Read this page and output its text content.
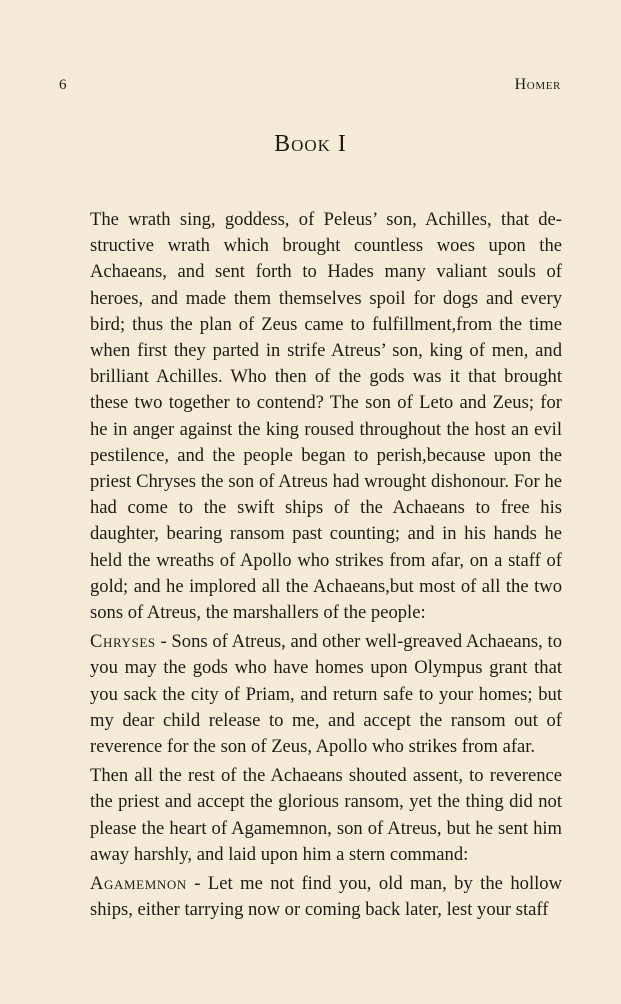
6	Homer
Book I

The wrath sing, goddess, of Peleus’ son, Achilles, that destructive wrath which brought countless woes upon the Achaeans, and sent forth to Hades many valiant souls of heroes, and made them themselves spoil for dogs and every bird; thus the plan of Zeus came to fulfillment,from the time when first they parted in strife Atreus’ son, king of men, and brilliant Achilles. Who then of the gods was it that brought these two together to contend? The son of Leto and Zeus; for he in anger against the king roused throughout the host an evil pestilence, and the people began to perish,because upon the priest Chryses the son of Atreus had wrought dishonour. For he had come to the swift ships of the Achaeans to free his daughter, bearing ransom past counting; and in his hands he held the wreaths of Apollo who strikes from afar, on a staff of gold; and he implored all the Achaeans,but most of all the two sons of Atreus, the marshallers of the people:

Chryses - Sons of Atreus, and other well-greaved Achaeans, to you may the gods who have homes upon Olympus grant that you sack the city of Priam, and return safe to your homes; but my dear child release to me, and accept the ransom out of reverence for the son of Zeus, Apollo who strikes from afar.

Then all the rest of the Achaeans shouted assent, to reverence the priest and accept the glorious ransom, yet the thing did not please the heart of Agamemnon, son of Atreus, but he sent him away harshly, and laid upon him a stern command:

Agamemnon - Let me not find you, old man, by the hollow ships, either tarrying now or coming back later, lest your staff
